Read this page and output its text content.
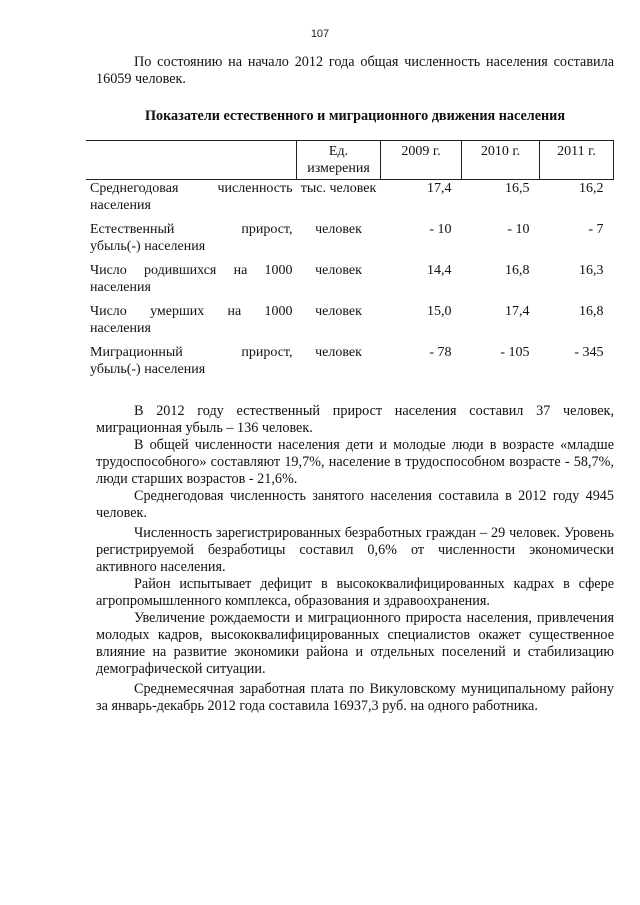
107

По состоянию на начало 2012 года общая численность населения составила 16059 человек.

Показатели естественного и миграционного движения населения
	Ед. измерения	2009 г.	2010 г.	2011 г.

Среднегодовая численность
населения	тыс. человек	17,4	16,5	16,2

Естественный прирост,
убыль(-) населения	человек	- 10	- 10	- 7

Число родившихся на 1000
населения	человек	14,4	16,8	16,3

Число умерших на 1000
населения	человек	15,0	17,4	16,8

Миграционный прирост,
убыль(-) населения	человек	- 78	- 105	- 345

В 2012 году естественный прирост населения составил 37 человек, миграционная убыль – 136 человек.

В общей численности населения дети и молодые люди в возрасте «младше трудоспособного» составляют 19,7%, население в трудоспособном возрасте - 58,7%, люди старших возрастов - 21,6%.

Среднегодовая численность занятого населения составила в 2012 году 4945 человек.

Численность зарегистрированных безработных граждан – 29 человек. Уровень регистрируемой безработицы составил 0,6% от численности экономически активного населения.

Район испытывает дефицит в высококвалифицированных кадрах в сфере агропромышленного комплекса, образования и здравоохранения.

Увеличение рождаемости и миграционного прироста населения, привлечения молодых кадров, высококвалифицированных специалистов окажет существенное влияние на развитие экономики района и отдельных поселений и стабилизацию демографической ситуации.

Среднемесячная заработная плата по Викуловскому муниципальному району за январь-декабрь 2012 года составила 16937,3 руб. на одного работника.
